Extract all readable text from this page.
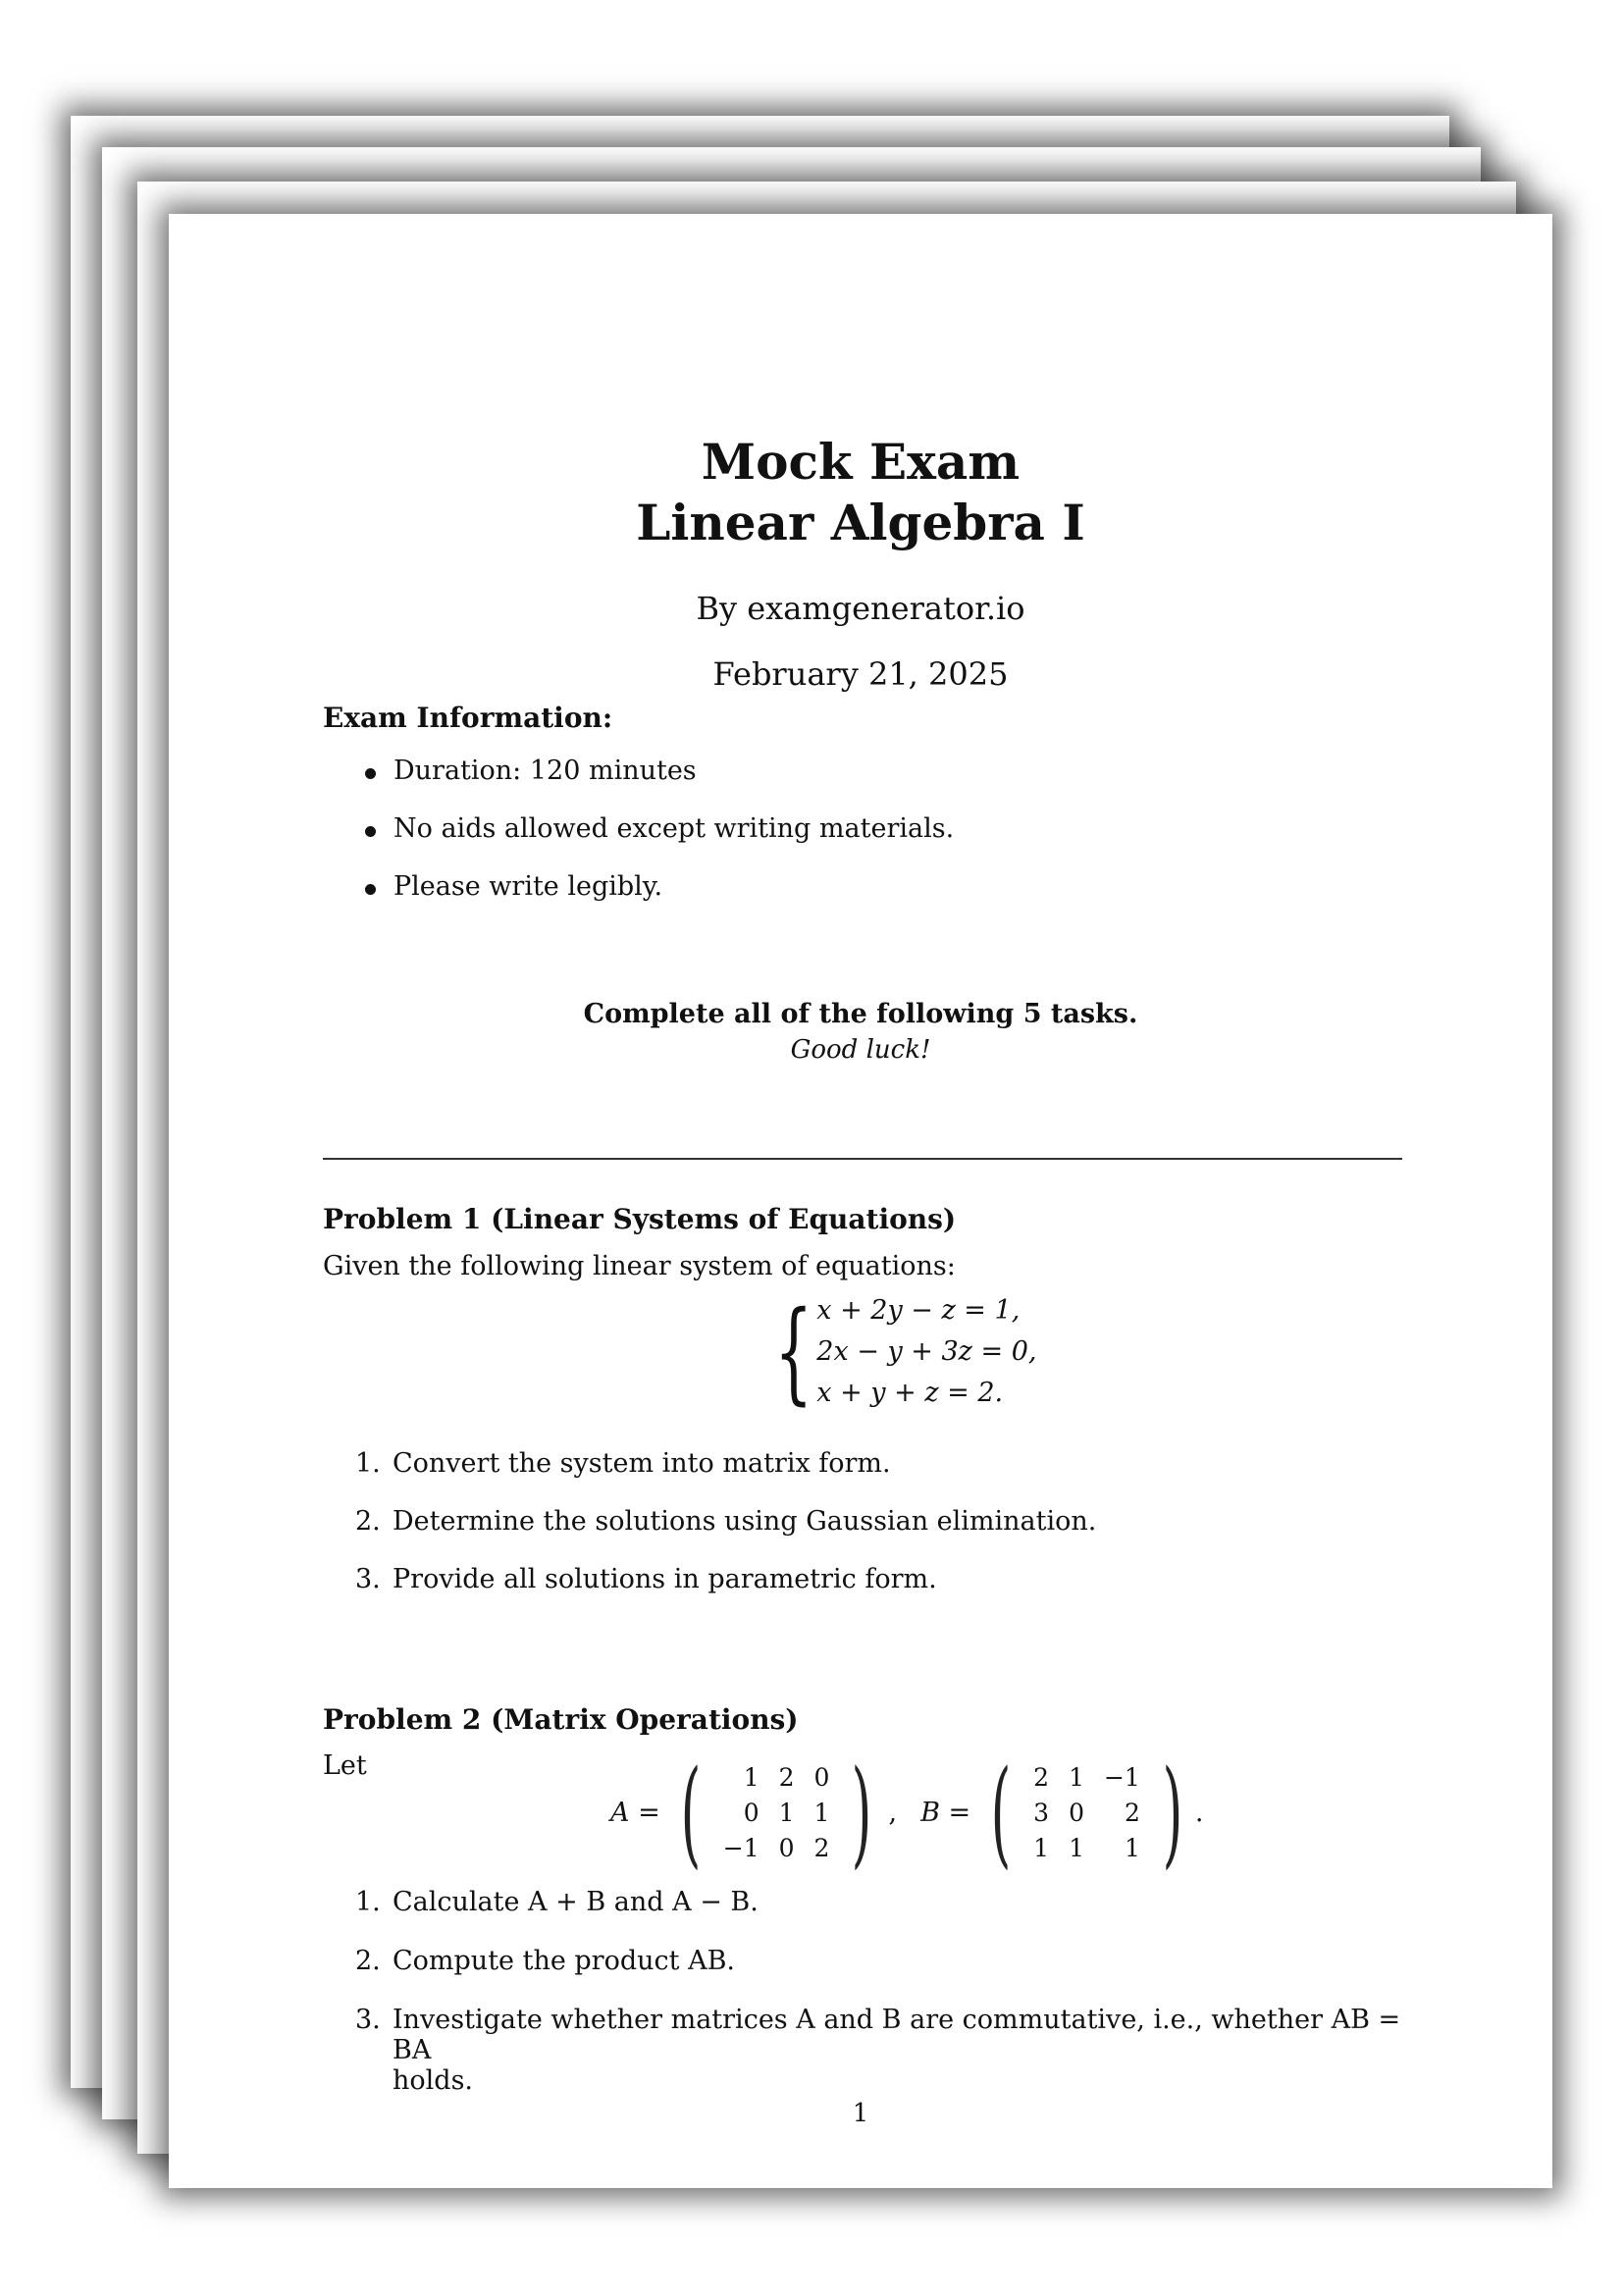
Mock Exam
Linear Algebra I
By examgenerator.io
February 21, 2025
Exam Information:
Duration: 120 minutes
No aids allowed except writing materials.
Please write legibly.
Complete all of the following 5 tasks.
Good luck!
Problem 1 (Linear Systems of Equations)
Given the following linear system of equations:
{ x + 2y − z = 1,
2x − y + 3z = 0,
x + y + z = 2.
1. Convert the system into matrix form.
2. Determine the solutions using Gaussian elimination.
3. Provide all solutions in parametric form.
Problem 2 (Matrix Operations)
Let
A = ( 1	2	0
0	1	1
−1	0	2 ) , B = ( 2	1	−1
3	0	2
1	1	1 ) .
1. Calculate A + B and A − B.
2. Compute the product AB.
3. Investigate whether matrices A and B are commutative, i.e., whether AB = BA
holds.
1
